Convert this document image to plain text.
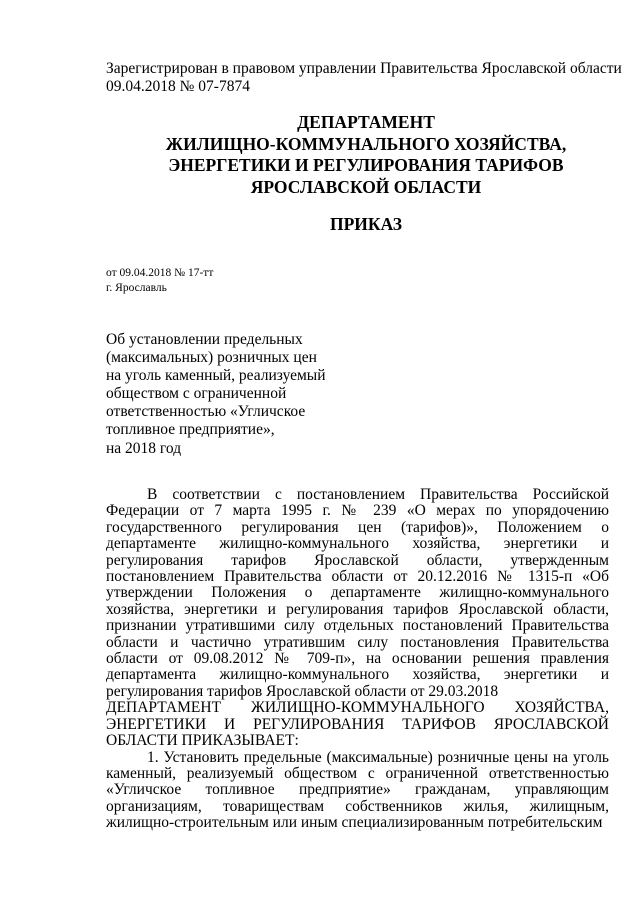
Зарегистрирован в правовом управлении Правительства Ярославской области
09.04.2018 № 07-7874
ДЕПАРТАМЕНТ
ЖИЛИЩНО-КОММУНАЛЬНОГО ХОЗЯЙСТВА,
ЭНЕРГЕТИКИ И РЕГУЛИРОВАНИЯ ТАРИФОВ
ЯРОСЛАВСКОЙ ОБЛАСТИ
ПРИКАЗ
от 09.04.2018 № 17-тт
г. Ярославль
Об установлении предельных
(максимальных) розничных цен
на уголь каменный, реализуемый
обществом с ограниченной
ответственностью «Угличское
топливное предприятие»,
на 2018 год

В соответствии с постановлением Правительства Российской Федерации от 7 марта 1995 г. № 239 «О мерах по упорядочению государственного регулирования цен (тарифов)», Положением о департаменте жилищно-коммунального хозяйства, энергетики и регулирования тарифов Ярославской области, утвержденным постановлением Правительства области от 20.12.2016 № 1315-п «Об утверждении Положения о департаменте жилищно-коммунального хозяйства, энергетики и регулирования тарифов Ярославской области, признании утратившими силу отдельных постановлений Правительства области и частично утратившим силу постановления Правительства области от 09.08.2012 № 709-п», на основании решения правления департамента жилищно-коммунального хозяйства, энергетики и регулирования тарифов Ярославской области от 29.03.2018

ДЕПАРТАМЕНТ ЖИЛИЩНО-КОММУНАЛЬНОГО ХОЗЯЙСТВА, ЭНЕРГЕТИКИ И РЕГУЛИРОВАНИЯ ТАРИФОВ ЯРОСЛАВСКОЙ ОБЛАСТИ ПРИКАЗЫВАЕТ:

1. Установить предельные (максимальные) розничные цены на уголь каменный, реализуемый обществом с ограниченной ответственностью «Угличское топливное предприятие» гражданам, управляющим организациям, товариществам собственников жилья, жилищным, жилищно-строительным или иным специализированным потребительским
